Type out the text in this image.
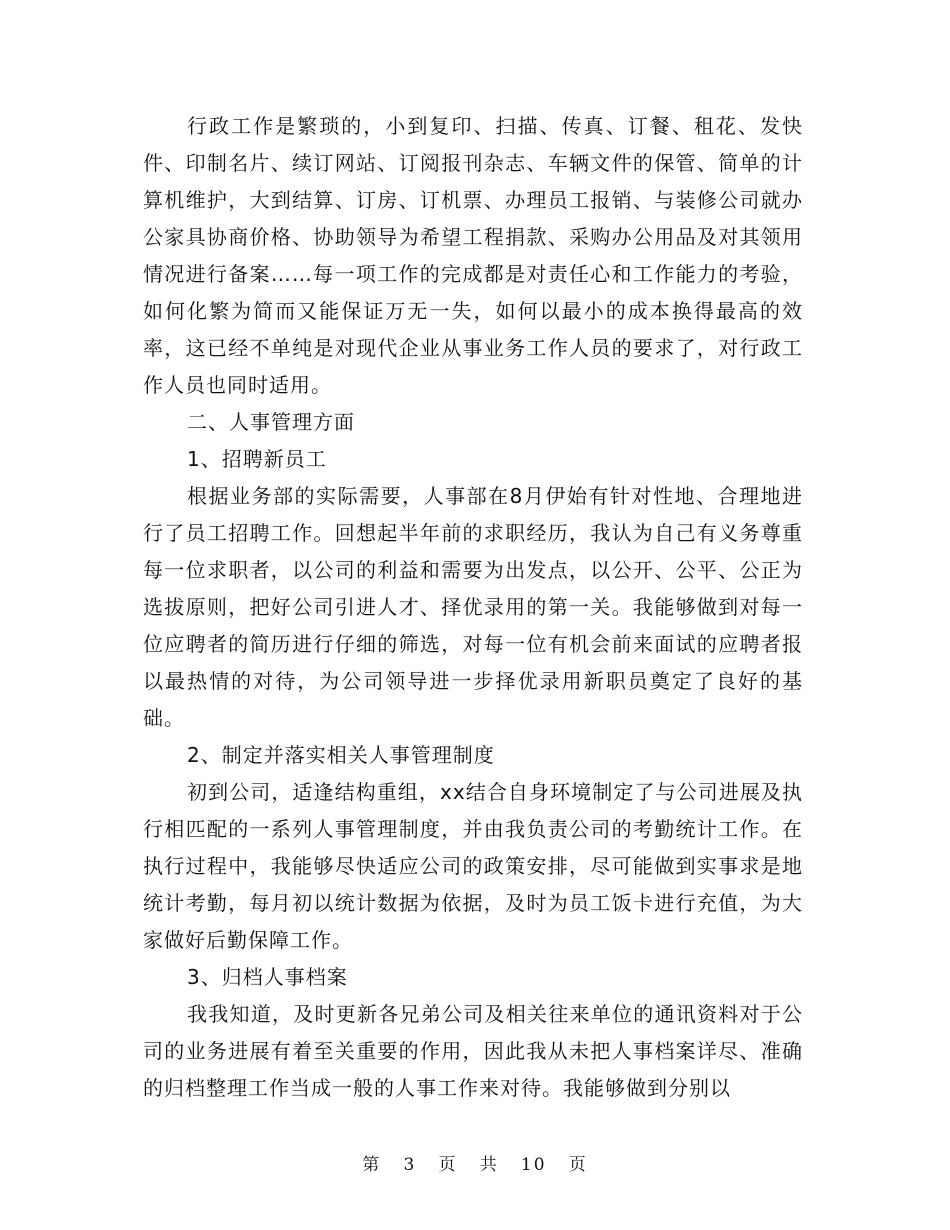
行政工作是繁琐的，小到复印、扫描、传真、订餐、租花、发快件、印制名片、续订网站、订阅报刊杂志、车辆文件的保管、简单的计算机维护，大到结算、订房、订机票、办理员工报销、与装修公司就办公家具协商价格、协助领导为希望工程捐款、采购办公用品及对其领用情况进行备案……每一项工作的完成都是对责任心和工作能力的考验，如何化繁为简而又能保证万无一失，如何以最小的成本换得最高的效率，这已经不单纯是对现代企业从事业务工作人员的要求了，对行政工作人员也同时适用。

二、人事管理方面

1、招聘新员工

根据业务部的实际需要，人事部在8月伊始有针对性地、合理地进行了员工招聘工作。回想起半年前的求职经历，我认为自己有义务尊重每一位求职者，以公司的利益和需要为出发点，以公开、公平、公正为选拔原则，把好公司引进人才、择优录用的第一关。我能够做到对每一位应聘者的简历进行仔细的筛选，对每一位有机会前来面试的应聘者报以最热情的对待，为公司领导进一步择优录用新职员奠定了良好的基础。

2、制定并落实相关人事管理制度

初到公司，适逢结构重组，xx结合自身环境制定了与公司进展及执行相匹配的一系列人事管理制度，并由我负责公司的考勤统计工作。在执行过程中，我能够尽快适应公司的政策安排，尽可能做到实事求是地统计考勤，每月初以统计数据为依据，及时为员工饭卡进行充值，为大家做好后勤保障工作。

3、归档人事档案

我我知道，及时更新各兄弟公司及相关往来单位的通讯资料对于公司的业务进展有着至关重要的作用，因此我从未把人事档案详尽、准确的归档整理工作当成一般的人事工作来对待。我能够做到分别以

第 3 页 共 10 页
